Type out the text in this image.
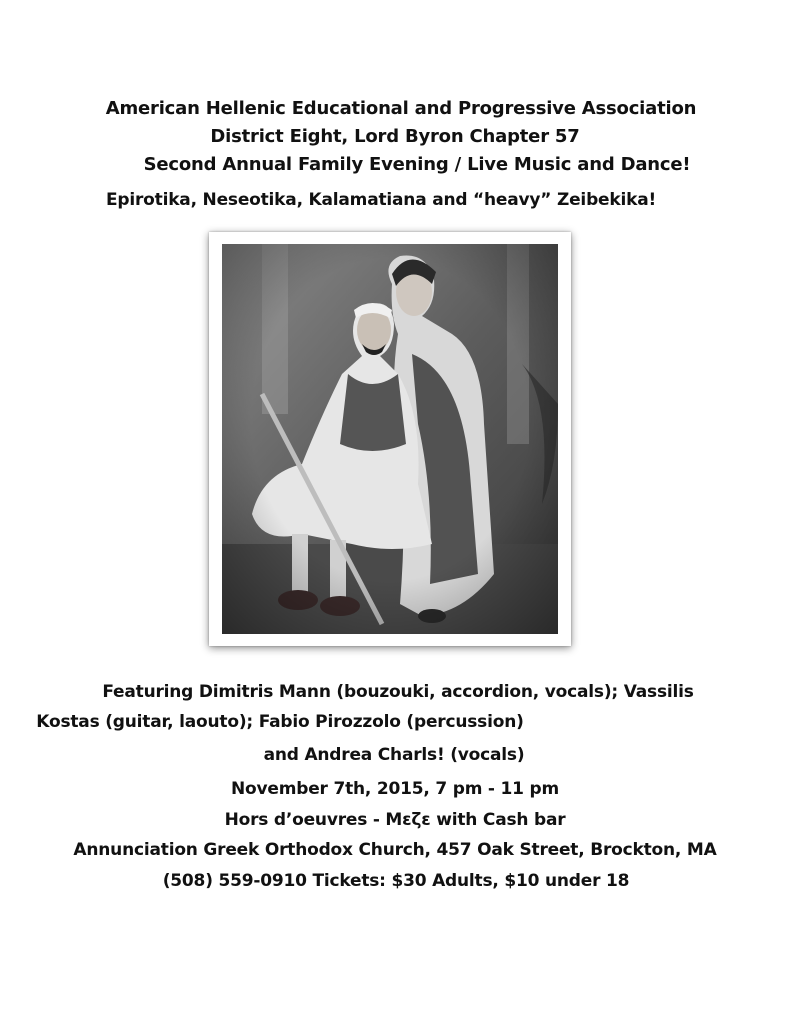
American Hellenic Educational and Progressive Association
District Eight, Lord Byron Chapter 57
Second Annual Family Evening / Live Music and Dance!
Epirotika, Neseotika, Kalamatiana and “heavy” Zeibekika!
Featuring Dimitris Mann (bouzouki, accordion, vocals); Vassilis
Kostas (guitar, laouto); Fabio Pirozzolo (percussion)
and Andrea Charls! (vocals)
November 7th, 2015, 7 pm - 11 pm
Hors d’oeuvres - Μεζε with Cash bar
Annunciation Greek Orthodox Church, 457 Oak Street, Brockton, MA
(508) 559-0910 Tickets: $30 Adults, $10 under 18
